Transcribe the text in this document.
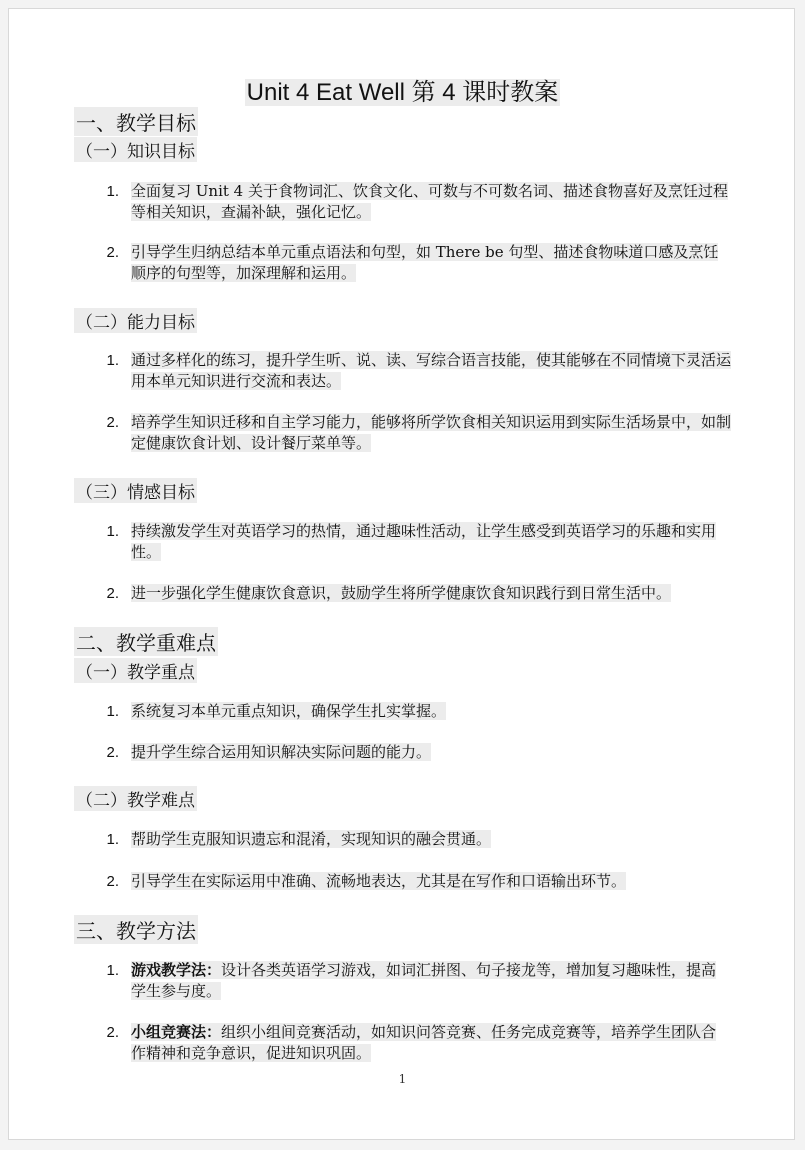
Unit 4 Eat Well 第 4 课时教案
一、教学目标
（一）知识目标
1. 全面复习 Unit 4 关于食物词汇、饮食文化、可数与不可数名词、描述食物喜好及烹饪过程等相关知识，查漏补缺，强化记忆。
2. 引导学生归纳总结本单元重点语法和句型，如 There be 句型、描述食物味道口感及烹饪顺序的句型等，加深理解和运用。
（二）能力目标
1. 通过多样化的练习，提升学生听、说、读、写综合语言技能，使其能够在不同情境下灵活运用本单元知识进行交流和表达。
2. 培养学生知识迁移和自主学习能力，能够将所学饮食相关知识运用到实际生活场景中，如制定健康饮食计划、设计餐厅菜单等。
（三）情感目标
1. 持续激发学生对英语学习的热情，通过趣味性活动，让学生感受到英语学习的乐趣和实用性。
2. 进一步强化学生健康饮食意识，鼓励学生将所学健康饮食知识践行到日常生活中。
二、教学重难点
（一）教学重点
1. 系统复习本单元重点知识，确保学生扎实掌握。
2. 提升学生综合运用知识解决实际问题的能力。
（二）教学难点
1. 帮助学生克服知识遗忘和混淆，实现知识的融会贯通。
2. 引导学生在实际运用中准确、流畅地表达，尤其是在写作和口语输出环节。
三、教学方法
1. 游戏教学法：设计各类英语学习游戏，如词汇拼图、句子接龙等，增加复习趣味性，提高学生参与度。
2. 小组竞赛法：组织小组间竞赛活动，如知识问答竞赛、任务完成竞赛等，培养学生团队合作精神和竞争意识，促进知识巩固。
1
